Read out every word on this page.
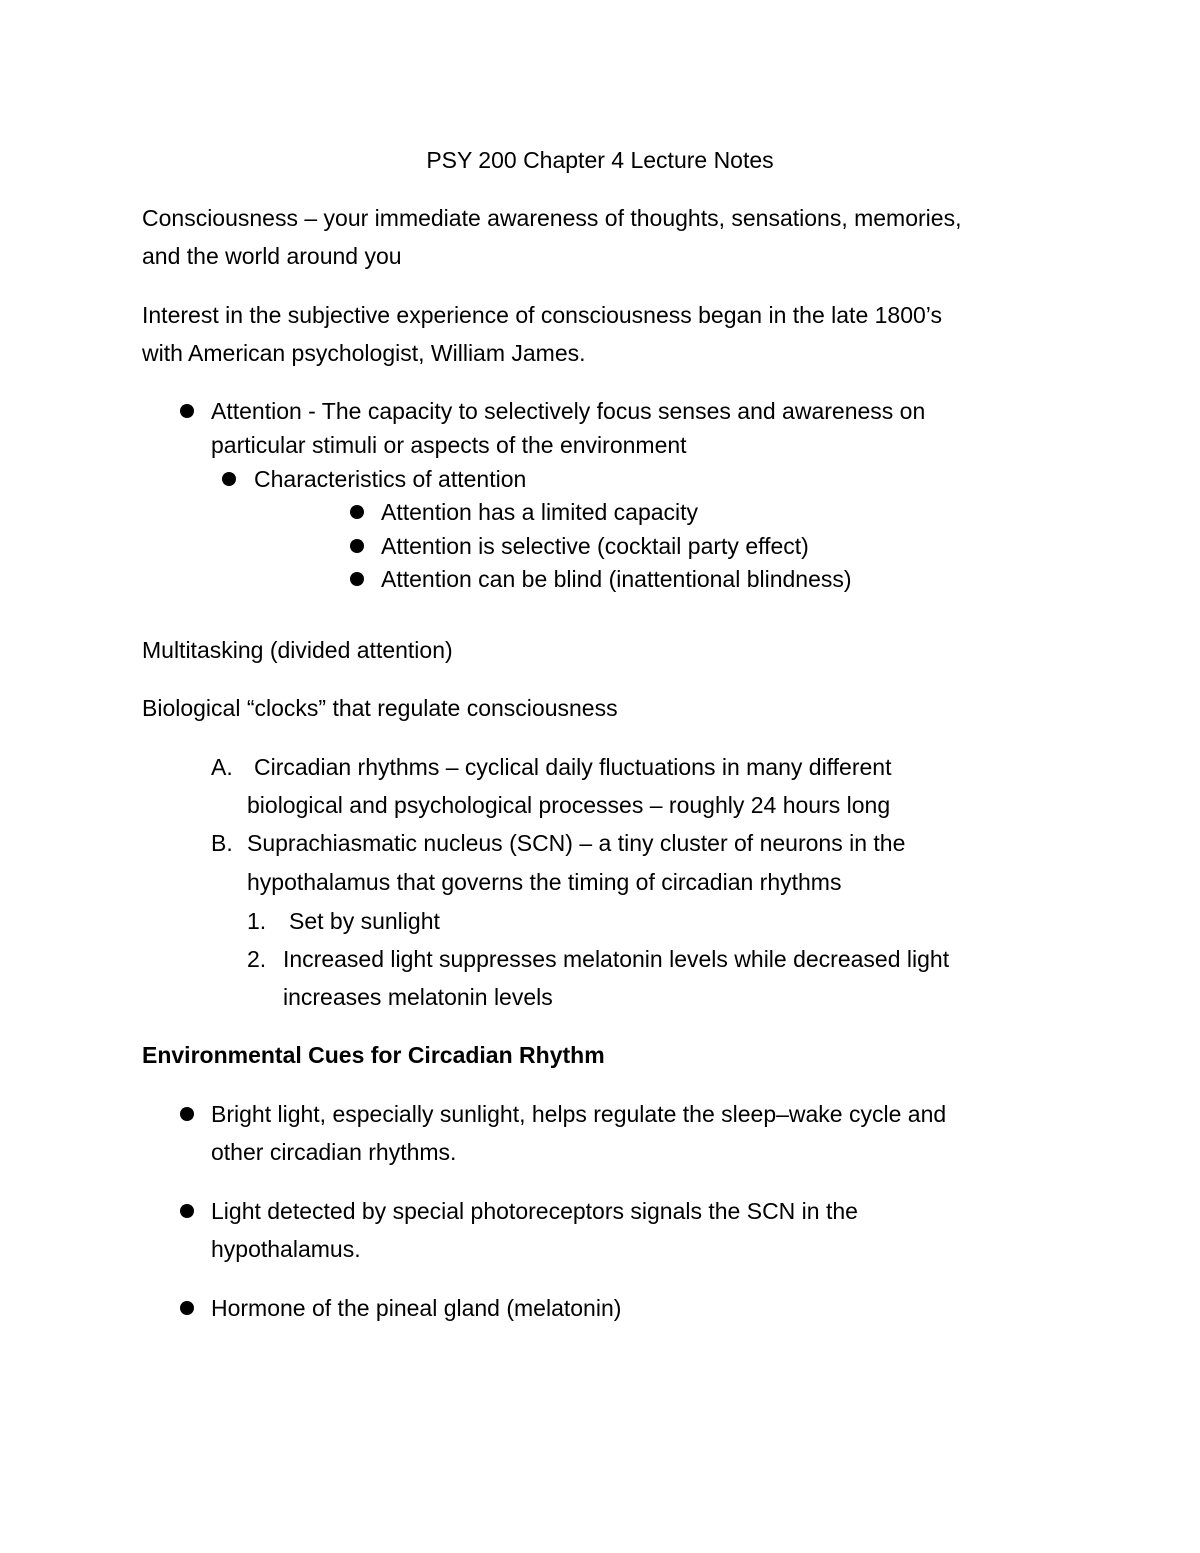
PSY 200 Chapter 4 Lecture Notes
Consciousness – your immediate awareness of thoughts, sensations, memories,
and the world around you
Interest in the subjective experience of consciousness began in the late 1800’s
with American psychologist, William James.
Attention - The capacity to selectively focus senses and awareness on
particular stimuli or aspects of the environment
Characteristics of attention
Attention has a limited capacity
Attention is selective (cocktail party effect)
Attention can be blind (inattentional blindness)
Multitasking (divided attention)
Biological “clocks” that regulate consciousness
A. Circadian rhythms – cyclical daily fluctuations in many different
biological and psychological processes – roughly 24 hours long
B. Suprachiasmatic nucleus (SCN) – a tiny cluster of neurons in the
hypothalamus that governs the timing of circadian rhythms
1. Set by sunlight
2. Increased light suppresses melatonin levels while decreased light
increases melatonin levels
Environmental Cues for Circadian Rhythm
Bright light, especially sunlight, helps regulate the sleep–wake cycle and
other circadian rhythms.
Light detected by special photoreceptors signals the SCN in the
hypothalamus.
Hormone of the pineal gland (melatonin)
